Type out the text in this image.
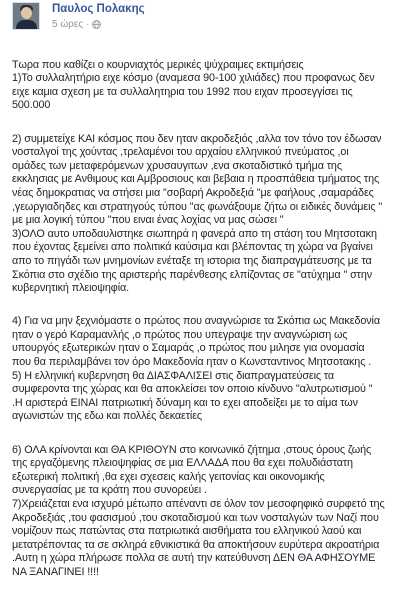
Παυλος Πολακης
5 ώρες ·

Τωρα που καθίζει ο κουρνιαχτός μερικές ψύχραιμες εκτιμήσεις
1)Το συλλαλητήριο ειχε κόσμο (αναμεσα 90-100 χιλιάδες) που προφανως δεν
ειχε καμια σχεση με τα συλλαλητηρια του 1992 που ειχαν προσεγγίσει τις
500.000

2) συμμετείχε ΚΑΙ κόσμος που δεν ηταν ακροδεξιός ,αλλα τον τόνο τον έδωσαν
νοσταλγοί της χούντας ,τρελαμένοι του αρχαίου ελληνικού πνεύματος ,οι
ομάδες των μεταφερόμενων χρυσαυγιτων ,ενα σκοταδιστικό τμήμα της
εκκλησιας με Ανθιμους και Αμβροσιους και βεβαια η προσπάθεια τμήματος της
νέας δημοκρατιας να στήσει μια "σοβαρή Ακροδεξιά "με φαήλους ,σαμαράδες
,γεωργιαδηδες και στρατηγούς τύπου "ας φωνάξουμε ζήτω οι ειδικές δυνάμεις "
με μια λογική τύπου "που ειναι ένας λοχίας να μας σώσει "
3)ΟΛΟ αυτο υποδαυλιστηκε σιωπηρά η φανερά απο τη στάση του Μητσοτακη
που έχοντας ξεμείνει απο πολιτικά καύσιμα και βλέποντας τη χώρα να βγαίνει
απο το πηγάδι των μνημονίων ενέταξε τη ιστορια της διαπραγμάτευσης με τα
Σκόπια στο σχέδιο της αριστερής παρένθεσης ελπίζοντας σε "ατύχημα " στην
κυβερνητική πλειοψηφία.

4) Για να μην ξεχνιόμαστε ο πρώτος που αναγνώρισε τα Σκόπια ως Μακεδονία
ηταν ο γερό Καραμανλής ,ο πρώτος που υπεγραψε την αναγνώριση ως
υπουργός εξωτερικών ηταν ο Σαμαράς ,ο πρώτος που μιλησε για ονομασία
που θα περιλαμβάνει τον όρο Μακεδονία ηταν ο Κωνσταντινος Μητσοτακης .
5) Η ελληνική κυβερνηση θα ΔΙΑΣΦΑΛΙΣΕΙ στις διαπραγματεύσεις τα
συμφεροντα της χώρας και θα αποκλείσει τον οποιο κίνδυνο "αλυτρωτισμού "
.Η αριστερά ΕΙΝΑΙ πατριωτική δύναμη και το εχει αποδείξει με το αίμα των
αγωνιστών της εδω και πολλές δεκαετίες

6) ΟΛΑ κρίνονται και ΘΑ ΚΡΙΘΟΥΝ στο κοινωνικό ζήτημα ,στους όρους ζωής
της εργαζόμενης πλειοψηφίας σε μια ΕΛΛΑΔΑ που θα εχει πολυδιάστατη
εξωτερική πολιτική ,θα εχει σχεσεις καλής γειτονίας και οικονομικής
συνεργασίας με τα κράτη που συνορεύει .
7)Χρειάζεται ενα ισχυρό μέτωπο απέναντι σε όλον τον μεσοφηφικό συρφετό της
Ακροδεξιάς ,του φασισμού ,του σκοταδισμού και των νοσταλγών των Ναζί που
νομίζουν πως πατώντας στα πατριωτικά αισθήματα του ελληνικού λαού και
μετατρέποντας τα σε σκληρά εθνικιστικά θα αποκτήσουν ευρύτερα ακροατήρια
.Αυτη η χώρα πλήρωσε πολλα σε αυτή την κατεύθυνση ΔΕΝ ΘΑ ΑΦΗΣΟΥΜΕ
ΝΑ ΞΑΝΑΓΙΝΕΙ !!!!
